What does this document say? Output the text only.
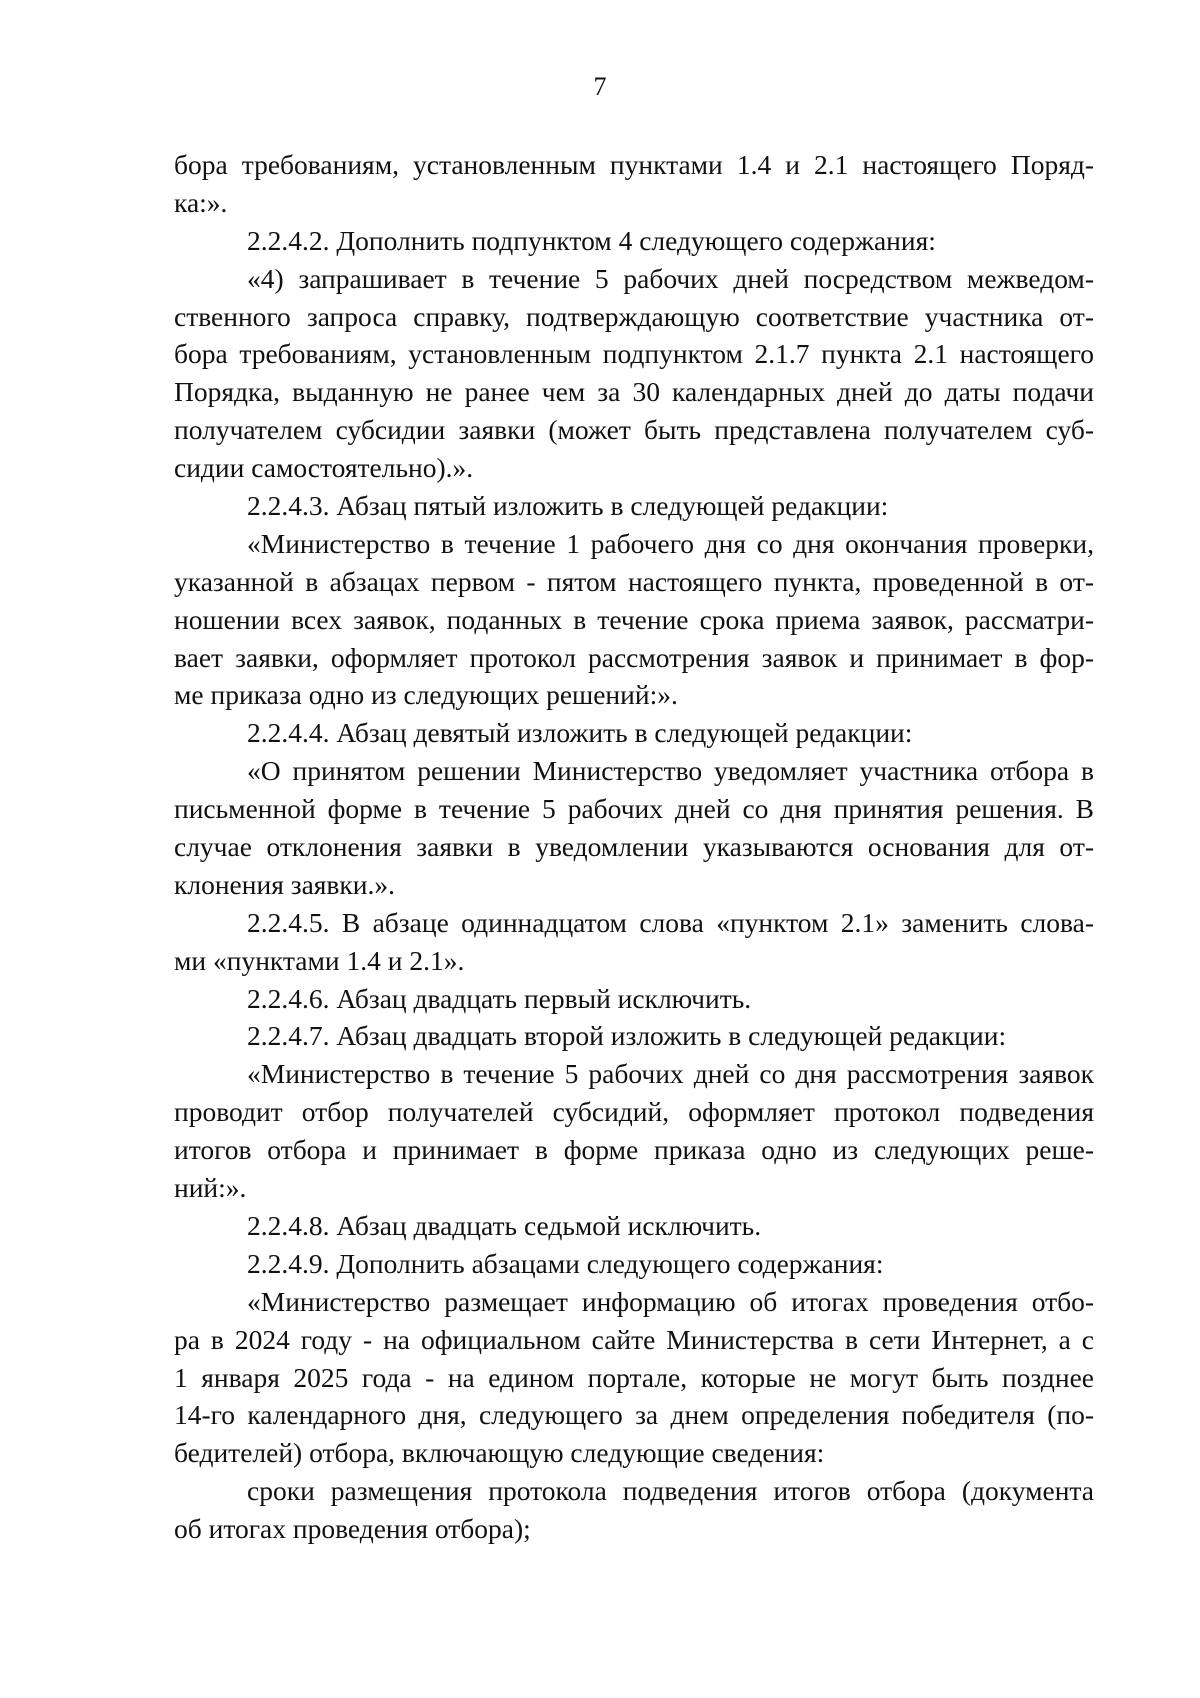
7
бора требованиям, установленным пунктами 1.4 и 2.1 настоящего Поряд-
ка:».
2.2.4.2. Дополнить подпунктом 4 следующего содержания:
«4) запрашивает в течение 5 рабочих дней посредством межведом-
ственного запроса справку, подтверждающую соответствие участника от-
бора требованиям, установленным подпунктом 2.1.7 пункта 2.1 настоящего
Порядка, выданную не ранее чем за 30 календарных дней до даты подачи
получателем субсидии заявки (может быть представлена получателем суб-
сидии самостоятельно).».
2.2.4.3. Абзац пятый изложить в следующей редакции:
«Министерство в течение 1 рабочего дня со дня окончания проверки,
указанной в абзацах первом - пятом настоящего пункта, проведенной в от-
ношении всех заявок, поданных в течение срока приема заявок, рассматри-
вает заявки, оформляет протокол рассмотрения заявок и принимает в фор-
ме приказа одно из следующих решений:».
2.2.4.4. Абзац девятый изложить в следующей редакции:
«О принятом решении Министерство уведомляет участника отбора в
письменной форме в течение 5 рабочих дней со дня принятия решения. В
случае отклонения заявки в уведомлении указываются основания для от-
клонения заявки.».
2.2.4.5. В абзаце одиннадцатом слова «пунктом 2.1» заменить слова-
ми «пунктами 1.4 и 2.1».
2.2.4.6. Абзац двадцать первый исключить.
2.2.4.7. Абзац двадцать второй изложить в следующей редакции:
«Министерство в течение 5 рабочих дней со дня рассмотрения заявок
проводит отбор получателей субсидий, оформляет протокол подведения
итогов отбора и принимает в форме приказа одно из следующих реше-
ний:».
2.2.4.8. Абзац двадцать седьмой исключить.
2.2.4.9. Дополнить абзацами следующего содержания:
«Министерство размещает информацию об итогах проведения отбо-
ра в 2024 году - на официальном сайте Министерства в сети Интернет, а с
1 января 2025 года - на едином портале, которые не могут быть позднее
14-го календарного дня, следующего за днем определения победителя (по-
бедителей) отбора, включающую следующие сведения:
сроки размещения протокола подведения итогов отбора (документа
об итогах проведения отбора);
